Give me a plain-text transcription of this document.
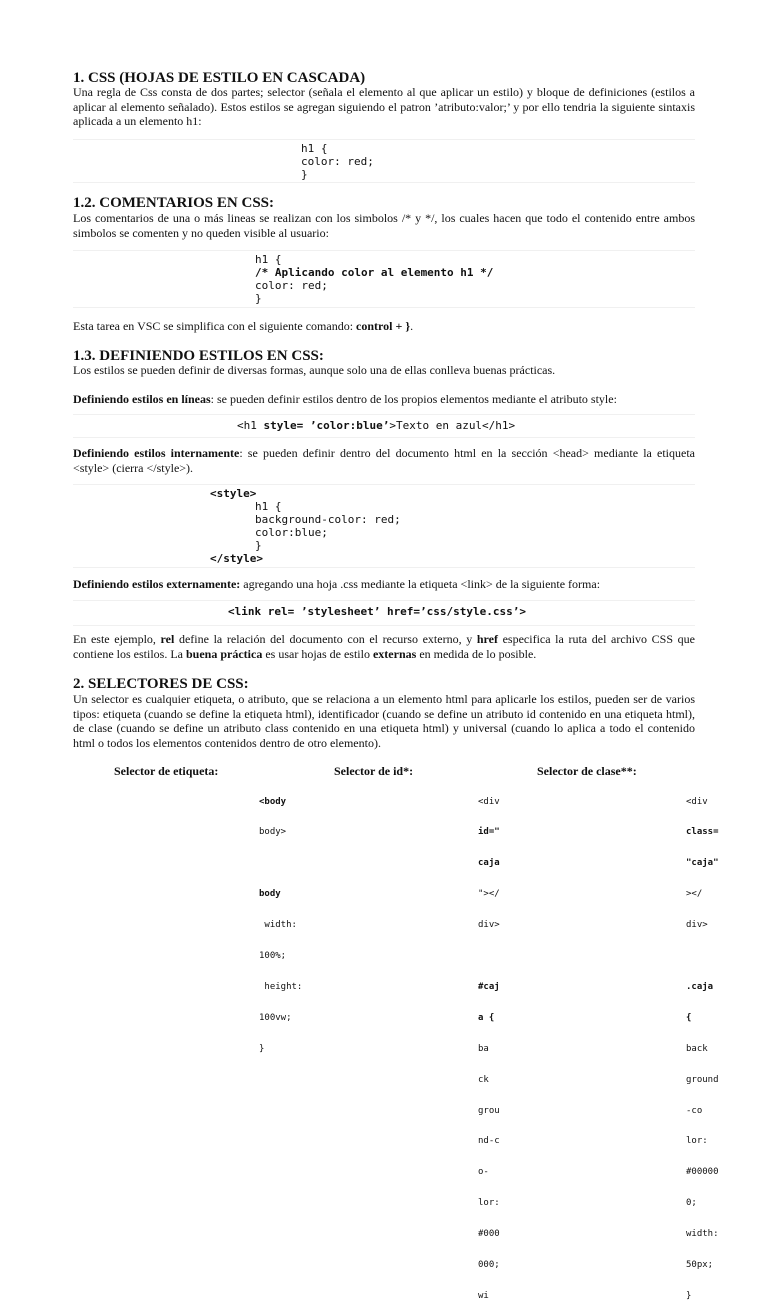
1. CSS (HOJAS DE ESTILO EN CASCADA)

Una regla de Css consta de dos partes; selector (señala el elemento al que aplicar un estilo) y bloque de definiciones (estilos a aplicar al elemento señalado). Estos estilos se agregan siguiendo el patron ’atributo:valor;’ y por ello tendria la siguiente sintaxis aplicada a un elemento h1:

h1 {
color: red;
}
1.2. COMENTARIOS EN CSS:

Los comentarios de una o más lineas se realizan con los simbolos /* y */, los cuales hacen que todo el contenido entre ambos simbolos se comenten y no queden visible al usuario:

h1 {
/* Aplicando color al elemento h1 */
color: red;
}

Esta tarea en VSC se simplifica con el siguiente comando: control + }.

1.3. DEFINIENDO ESTILOS EN CSS:

Los estilos se pueden definir de diversas formas, aunque solo una de ellas conlleva buenas prácticas.

Definiendo estilos en líneas: se pueden definir estilos dentro de los propios elementos mediante el atributo style:

<h1 style= ’color:blue’>Texto en azul</h1>

Definiendo estilos internamente: se pueden definir dentro del documento html en la sección <head> mediante la etiqueta <style> (cierra </style>).

<style>
h1 {
background-color: red;
color:blue;
}
</style>

Definiendo estilos externamente: agregando una hoja .css mediante la etiqueta <link> de la siguiente forma:

<link rel= ’stylesheet’ href=’css/style.css’>

En este ejemplo, rel define la relación del documento con el recurso externo, y href especifica la ruta del archivo CSS que contiene los estilos. La buena práctica es usar hojas de estilo externas en medida de lo posible.

2. SELECTORES DE CSS:

Un selector es cualquier etiqueta, o atributo, que se relaciona a un elemento html para aplicarle los estilos, pueden ser de varios tipos: etiqueta (cuando se define la etiqueta html), identificador (cuando se define un atributo id contenido en una etiqueta html), de clase (cuando se define un atributo class contenido en una etiqueta html) y universal (cuando lo aplica a todo el contenido html o todos los elementos contenidos dentro de otro elemento).

Selector de etiqueta:	Selector de id*:	Selector de clase**:

<body

body>

body

width:

100%;

height:

100vw;

}

<div

id="

caja

"></

div>

#caj

a {

ba

ck

grou

nd-c

o-

lor:

#000

000;

wi

<div

class=

"caja"

></

div>

.caja

{

back

ground

-co

lor:

#00000

0;

width:

50px;

}
